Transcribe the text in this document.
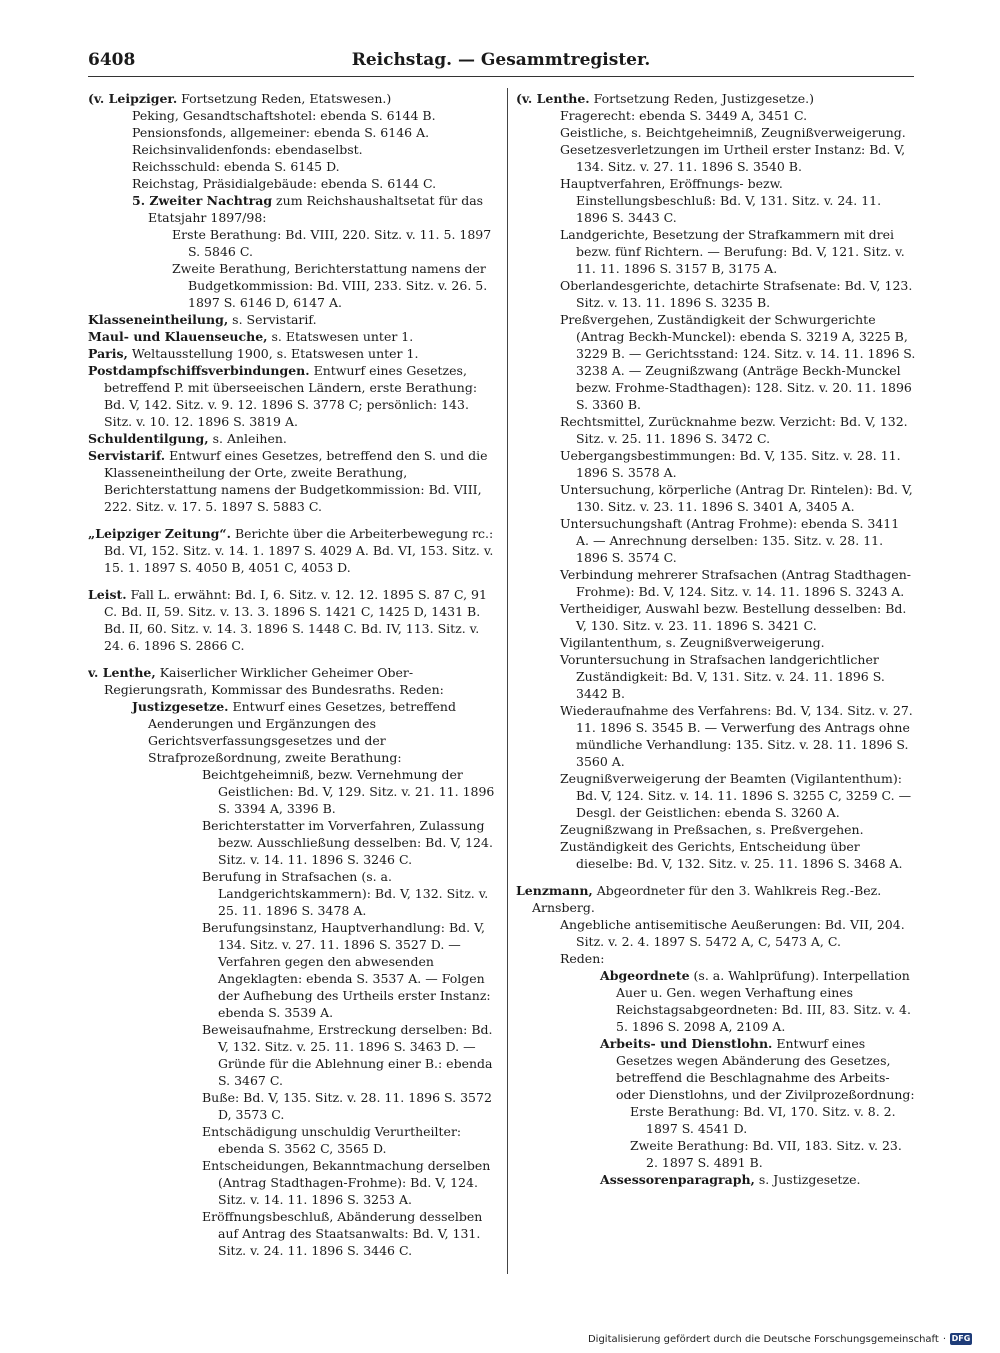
6408	Reichstag. — Gesammtregister.

(v. Leipziger. Fortsetzung Reden, Etatswesen.)

Peking, Gesandtschaftshotel: ebenda S. 6144 B.

Pensionsfonds, allgemeiner: ebenda S. 6146 A.

Reichsinvalidenfonds: ebendaselbst.

Reichsschuld: ebenda S. 6145 D.

Reichstag, Präsidialgebäude: ebenda S. 6144 C.

5. Zweiter Nachtrag zum Reichshaushaltsetat für das Etatsjahr 1897/98:

Erste Berathung: Bd. VIII, 220. Sitz. v. 11. 5. 1897 S. 5846 C.

Zweite Berathung, Berichterstattung namens der Budgetkommission: Bd. VIII, 233. Sitz. v. 26. 5. 1897 S. 6146 D, 6147 A.

Klasseneintheilung, s. Servistarif.

Maul- und Klauenseuche, s. Etatswesen unter 1.

Paris, Weltausstellung 1900, s. Etatswesen unter 1.

Postdampfschiffsverbindungen. Entwurf eines Gesetzes, betreffend P. mit überseeischen Ländern, erste Berathung: Bd. V, 142. Sitz. v. 9. 12. 1896 S. 3778 C; persönlich: 143. Sitz. v. 10. 12. 1896 S. 3819 A.

Schuldentilgung, s. Anleihen.

Servistarif. Entwurf eines Gesetzes, betreffend den S. und die Klasseneintheilung der Orte, zweite Berathung, Berichterstattung namens der Budgetkommission: Bd. VIII, 222. Sitz. v. 17. 5. 1897 S. 5883 C.

„Leipziger Zeitung“. Berichte über die Arbeiterbewegung rc.: Bd. VI, 152. Sitz. v. 14. 1. 1897 S. 4029 A. Bd. VI, 153. Sitz. v. 15. 1. 1897 S. 4050 B, 4051 C, 4053 D.

Leist. Fall L. erwähnt: Bd. I, 6. Sitz. v. 12. 12. 1895 S. 87 C, 91 C. Bd. II, 59. Sitz. v. 13. 3. 1896 S. 1421 C, 1425 D, 1431 B. Bd. II, 60. Sitz. v. 14. 3. 1896 S. 1448 C. Bd. IV, 113. Sitz. v. 24. 6. 1896 S. 2866 C.

v. Lenthe, Kaiserlicher Wirklicher Geheimer Ober-Regierungsrath, Kommissar des Bundesraths. Reden:

Justizgesetze. Entwurf eines Gesetzes, betreffend Aenderungen und Ergänzungen des Gerichtsverfassungsgesetzes und der Strafprozeßordnung, zweite Berathung:

Beichtgeheimniß, bezw. Vernehmung der Geistlichen: Bd. V, 129. Sitz. v. 21. 11. 1896 S. 3394 A, 3396 B.

Berichterstatter im Vorverfahren, Zulassung bezw. Ausschließung desselben: Bd. V, 124. Sitz. v. 14. 11. 1896 S. 3246 C.

Berufung in Strafsachen (s. a. Landgerichtskammern): Bd. V, 132. Sitz. v. 25. 11. 1896 S. 3478 A.

Berufungsinstanz, Hauptverhandlung: Bd. V, 134. Sitz. v. 27. 11. 1896 S. 3527 D. — Verfahren gegen den abwesenden Angeklagten: ebenda S. 3537 A. — Folgen der Aufhebung des Urtheils erster Instanz: ebenda S. 3539 A.

Beweisaufnahme, Erstreckung derselben: Bd. V, 132. Sitz. v. 25. 11. 1896 S. 3463 D. — Gründe für die Ablehnung einer B.: ebenda S. 3467 C.

Buße: Bd. V, 135. Sitz. v. 28. 11. 1896 S. 3572 D, 3573 C.

Entschädigung unschuldig Verurtheilter: ebenda S. 3562 C, 3565 D.

Entscheidungen, Bekanntmachung derselben (Antrag Stadthagen-Frohme): Bd. V, 124. Sitz. v. 14. 11. 1896 S. 3253 A.

Eröffnungsbeschluß, Abänderung desselben auf Antrag des Staatsanwalts: Bd. V, 131. Sitz. v. 24. 11. 1896 S. 3446 C.

(v. Lenthe. Fortsetzung Reden, Justizgesetze.)

Fragerecht: ebenda S. 3449 A, 3451 C.

Geistliche, s. Beichtgeheimniß, Zeugnißverweigerung.

Gesetzesverletzungen im Urtheil erster Instanz: Bd. V, 134. Sitz. v. 27. 11. 1896 S. 3540 B.

Hauptverfahren, Eröffnungs- bezw. Einstellungsbeschluß: Bd. V, 131. Sitz. v. 24. 11. 1896 S. 3443 C.

Landgerichte, Besetzung der Strafkammern mit drei bezw. fünf Richtern. — Berufung: Bd. V, 121. Sitz. v. 11. 11. 1896 S. 3157 B, 3175 A.

Oberlandesgerichte, detachirte Strafsenate: Bd. V, 123. Sitz. v. 13. 11. 1896 S. 3235 B.

Preßvergehen, Zuständigkeit der Schwurgerichte (Antrag Beckh-Munckel): ebenda S. 3219 A, 3225 B, 3229 B. — Gerichtsstand: 124. Sitz. v. 14. 11. 1896 S. 3238 A. — Zeugnißzwang (Anträge Beckh-Munckel bezw. Frohme-Stadthagen): 128. Sitz. v. 20. 11. 1896 S. 3360 B.

Rechtsmittel, Zurücknahme bezw. Verzicht: Bd. V, 132. Sitz. v. 25. 11. 1896 S. 3472 C.

Uebergangsbestimmungen: Bd. V, 135. Sitz. v. 28. 11. 1896 S. 3578 A.

Untersuchung, körperliche (Antrag Dr. Rintelen): Bd. V, 130. Sitz. v. 23. 11. 1896 S. 3401 A, 3405 A.

Untersuchungshaft (Antrag Frohme): ebenda S. 3411 A. — Anrechnung derselben: 135. Sitz. v. 28. 11. 1896 S. 3574 C.

Verbindung mehrerer Strafsachen (Antrag Stadthagen-Frohme): Bd. V, 124. Sitz. v. 14. 11. 1896 S. 3243 A.

Vertheidiger, Auswahl bezw. Bestellung desselben: Bd. V, 130. Sitz. v. 23. 11. 1896 S. 3421 C.

Vigilantenthum, s. Zeugnißverweigerung.

Voruntersuchung in Strafsachen landgerichtlicher Zuständigkeit: Bd. V, 131. Sitz. v. 24. 11. 1896 S. 3442 B.

Wiederaufnahme des Verfahrens: Bd. V, 134. Sitz. v. 27. 11. 1896 S. 3545 B. — Verwerfung des Antrags ohne mündliche Verhandlung: 135. Sitz. v. 28. 11. 1896 S. 3560 A.

Zeugnißverweigerung der Beamten (Vigilantenthum): Bd. V, 124. Sitz. v. 14. 11. 1896 S. 3255 C, 3259 C. — Desgl. der Geistlichen: ebenda S. 3260 A.

Zeugnißzwang in Preßsachen, s. Preßvergehen.

Zuständigkeit des Gerichts, Entscheidung über dieselbe: Bd. V, 132. Sitz. v. 25. 11. 1896 S. 3468 A.

Lenzmann, Abgeordneter für den 3. Wahlkreis Reg.-Bez. Arnsberg.

Angebliche antisemitische Aeußerungen: Bd. VII, 204. Sitz. v. 2. 4. 1897 S. 5472 A, C, 5473 A, C.

Reden:

Abgeordnete (s. a. Wahlprüfung). Interpellation Auer u. Gen. wegen Verhaftung eines Reichstagsabgeordneten: Bd. III, 83. Sitz. v. 4. 5. 1896 S. 2098 A, 2109 A.

Arbeits- und Dienstlohn. Entwurf eines Gesetzes wegen Abänderung des Gesetzes, betreffend die Beschlagnahme des Arbeits- oder Dienstlohns, und der Zivilprozeßordnung:

Erste Berathung: Bd. VI, 170. Sitz. v. 8. 2. 1897 S. 4541 D.

Zweite Berathung: Bd. VII, 183. Sitz. v. 23. 2. 1897 S. 4891 B.

Assessorenparagraph, s. Justizgesetze.

Digitalisierung gefördert durch die Deutsche Forschungsgemeinschaft · DFG
